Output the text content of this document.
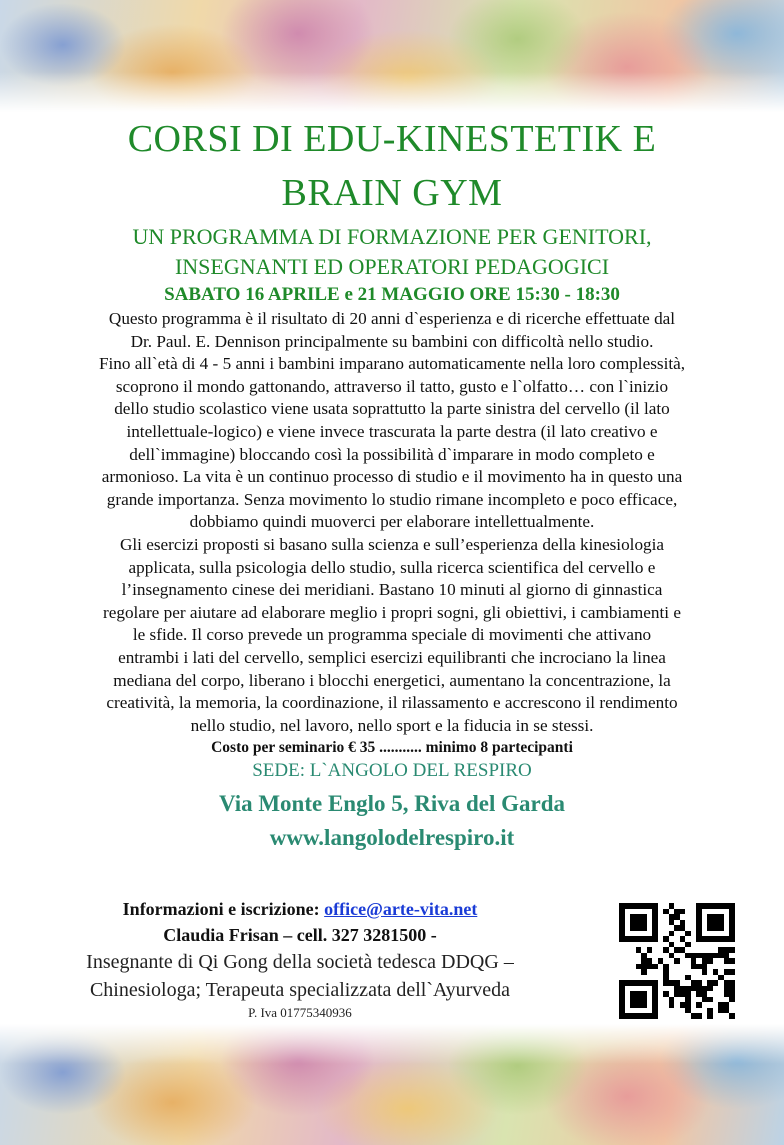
CORSI DI EDU-KINESTETIK E
BRAIN GYM

UN PROGRAMMA DI FORMAZIONE PER GENITORI,
INSEGNANTI ED OPERATORI PEDAGOGICI

SABATO 16 APRILE e 21 MAGGIO ORE 15:30 - 18:30

Questo programma è il risultato di 20 anni d`esperienza e di ricerche effettuate dal
Dr. Paul. E. Dennison principalmente su bambini con difficoltà nello studio.
Fino all`età di 4 - 5 anni i bambini imparano automaticamente nella loro complessità,
scoprono il mondo gattonando, attraverso il tatto, gusto e l`olfatto… con l`inizio
dello studio scolastico viene usata soprattutto la parte sinistra del cervello (il lato
intellettuale-logico) e viene invece trascurata la parte destra (il lato creativo e
dell`immagine) bloccando così la possibilità d`imparare in modo completo e
armonioso. La vita è un continuo processo di studio e il movimento ha in questo una
grande importanza. Senza movimento lo studio rimane incompleto e poco efficace,
dobbiamo quindi muoverci per elaborare intellettualmente.
Gli esercizi proposti si basano sulla scienza e sull’esperienza della kinesiologia
applicata, sulla psicologia dello studio, sulla ricerca scientifica del cervello e
l’insegnamento cinese dei meridiani. Bastano 10 minuti al giorno di ginnastica
regolare per aiutare ad elaborare meglio i propri sogni, gli obiettivi, i cambiamenti e
le sfide. Il corso prevede un programma speciale di movimenti che attivano
entrambi i lati del cervello, semplici esercizi equilibranti che incrociano la linea
mediana del corpo, liberano i blocchi energetici, aumentano la concentrazione, la
creatività, la memoria, la coordinazione, il rilassamento e accrescono il rendimento
nello studio, nel lavoro, nello sport e la fiducia in se stessi.

Costo per seminario € 35 ........... minimo 8 partecipanti

SEDE: L`ANGOLO DEL RESPIRO

Via Monte Englo 5, Riva del Garda

www.langolodelrespiro.it

Informazioni e iscrizione: office@arte-vita.net

Claudia Frisan – cell. 327 3281500 -

Insegnante di Qi Gong della società tedesca DDQG –
Chinesiologa; Terapeuta specializzata dell`Ayurveda

P. Iva 01775340936
